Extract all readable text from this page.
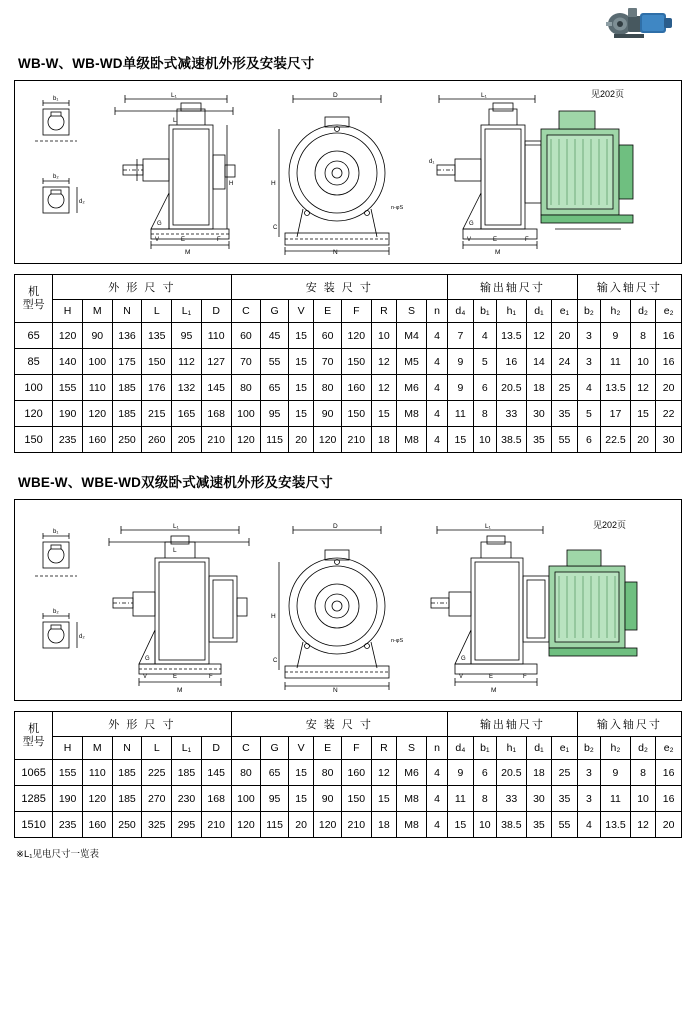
WB-W、WB-WD单级卧式减速机外形及安装尺寸
b₁
b₂
d₂
L₁
L
G
M
E
V	F
H
D
N
H
C
n-φS
L₁
G
M
E
V	F
d₁
见202页
机
型号	外 形 尺 寸						安 装 尺 寸								输出轴尺寸					输入轴尺寸			
	H	M	N	L	L₁	D	C	G	V	E	F	R	S	n	d₄	b₁	h₁	d₁	e₁	b₂	h₂	d₂	e₂
65	120	90	136	135	95	110	60	45	15	60	120	10	M4	4	7	4	13.5	12	20	3	9	8	16
85	140	100	175	150	112	127	70	55	15	70	150	12	M5	4	9	5	16	14	24	3	11	10	16
100	155	110	185	176	132	145	80	65	15	80	160	12	M6	4	9	6	20.5	18	25	4	13.5	12	20
120	190	120	185	215	165	168	100	95	15	90	150	15	M8	4	11	8	33	30	35	5	17	15	22
150	235	160	250	260	205	210	120	115	20	120	210	18	M8	4	15	10	38.5	35	55	6	22.5	20	30
WBE-W、WBE-WD双级卧式减速机外形及安装尺寸
b₁
b₂
d₂
L₁
L
G
M
E
V	F
D
N
H
C
n-φS
L₁
G
M
E
V	F
见202页
机
型号	外 形 尺 寸						安 装 尺 寸								输出轴尺寸					输入轴尺寸			
	H	M	N	L	L₁	D	C	G	V	E	F	R	S	n	d₄	b₁	h₁	d₁	e₁	b₂	h₂	d₂	e₂
1065	155	110	185	225	185	145	80	65	15	80	160	12	M6	4	9	6	20.5	18	25	3	9	8	16
1285	190	120	185	270	230	168	100	95	15	90	150	15	M8	4	11	8	33	30	35	3	11	10	16
1510	235	160	250	325	295	210	120	115	20	120	210	18	M8	4	15	10	38.5	35	55	4	13.5	12	20
※L₁见电尺寸一览表
